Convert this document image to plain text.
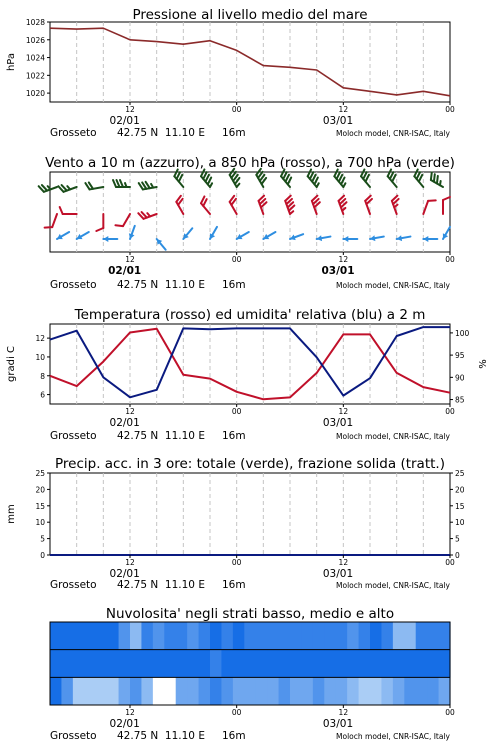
Pressione al livello medio del mare
hPa
1020
1022
1024
1026
1028
12	00	12	00
02/01	03/01
Grosseto 42.75 N  11.10 E 16m	Moloch model, CNR-ISAC, Italy
Vento a 10 m (azzurro), a 850 hPa (rosso), a 700 hPa (verde)
12	00	12	00
02/01	03/01
Grosseto 42.75 N  11.10 E 16m	Moloch model, CNR-ISAC, Italy
Temperatura (rosso) ed umidita' relativa (blu) a 2 m
gradi C	%
6
8
10
12
85
90
95
100
12	00	12	00
02/01	03/01
Grosseto 42.75 N  11.10 E 16m	Moloch model, CNR-ISAC, Italy
Precip. acc. in 3 ore: totale (verde), frazione solida (tratt.)
mm
0
5
10
15
20
25
0
5
10
15
20
25
12	00	12	00
02/01	03/01
Grosseto 42.75 N  11.10 E 16m	Moloch model, CNR-ISAC, Italy
Nuvolosita' negli strati basso, medio e alto
12	00	12	00
02/01	03/01
Grosseto 42.75 N  11.10 E 16m	Moloch model, CNR-ISAC, Italy
